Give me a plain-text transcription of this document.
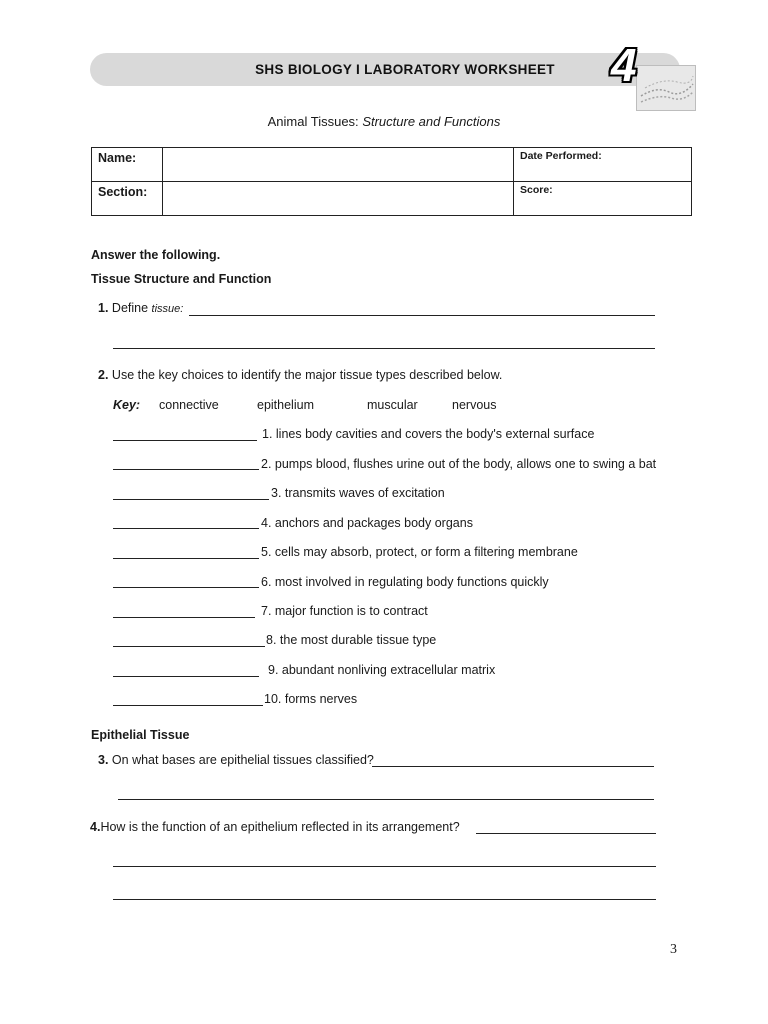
SHS BIOLOGY I LABORATORY WORKSHEET 4
Animal Tissues: Structure and Functions
Name:		Date Performed:
Section:		Score:
Answer the following.
Tissue Structure and Function
1. Define tissue:
2. Use the key choices to identify the major tissue types described below.
Key: connective	epithelium	muscular	nervous
1. lines body cavities and covers the body's external surface
2. pumps blood, flushes urine out of the body, allows one to swing a bat
3. transmits waves of excitation
4. anchors and packages body organs
5. cells may absorb, protect, or form a filtering membrane
6. most involved in regulating body functions quickly
7. major function is to contract
8. the most durable tissue type
9. abundant nonliving extracellular matrix
10. forms nerves
Epithelial Tissue
3. On what bases are epithelial tissues classified?
4.How is the function of an epithelium reflected in its arrangement?
3
